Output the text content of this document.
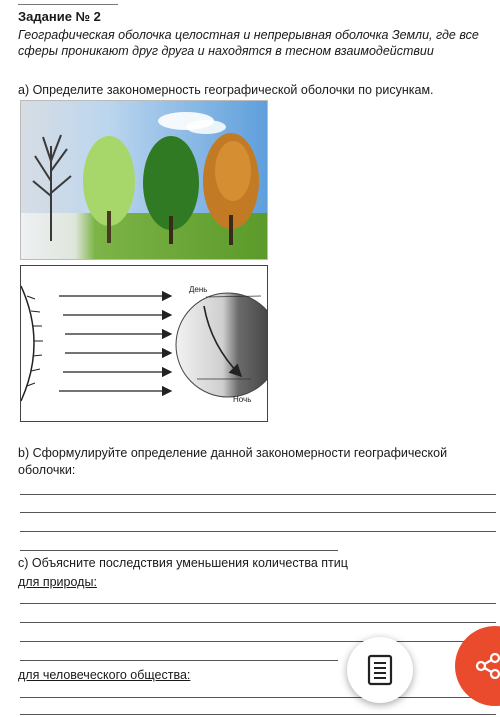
Задание № 2
Географическая оболочка целостная и непрерывная оболочка Земли, где все сферы проникают друг друга и находятся в тесном взаимодействии
а) Определите закономерность географической оболочки по рисункам.
День
Ночь
b) Сформулируйте определение данной закономерности географической оболочки:
с) Объясните последствия уменьшения количества птиц
для природы:
для человеческого общества:
